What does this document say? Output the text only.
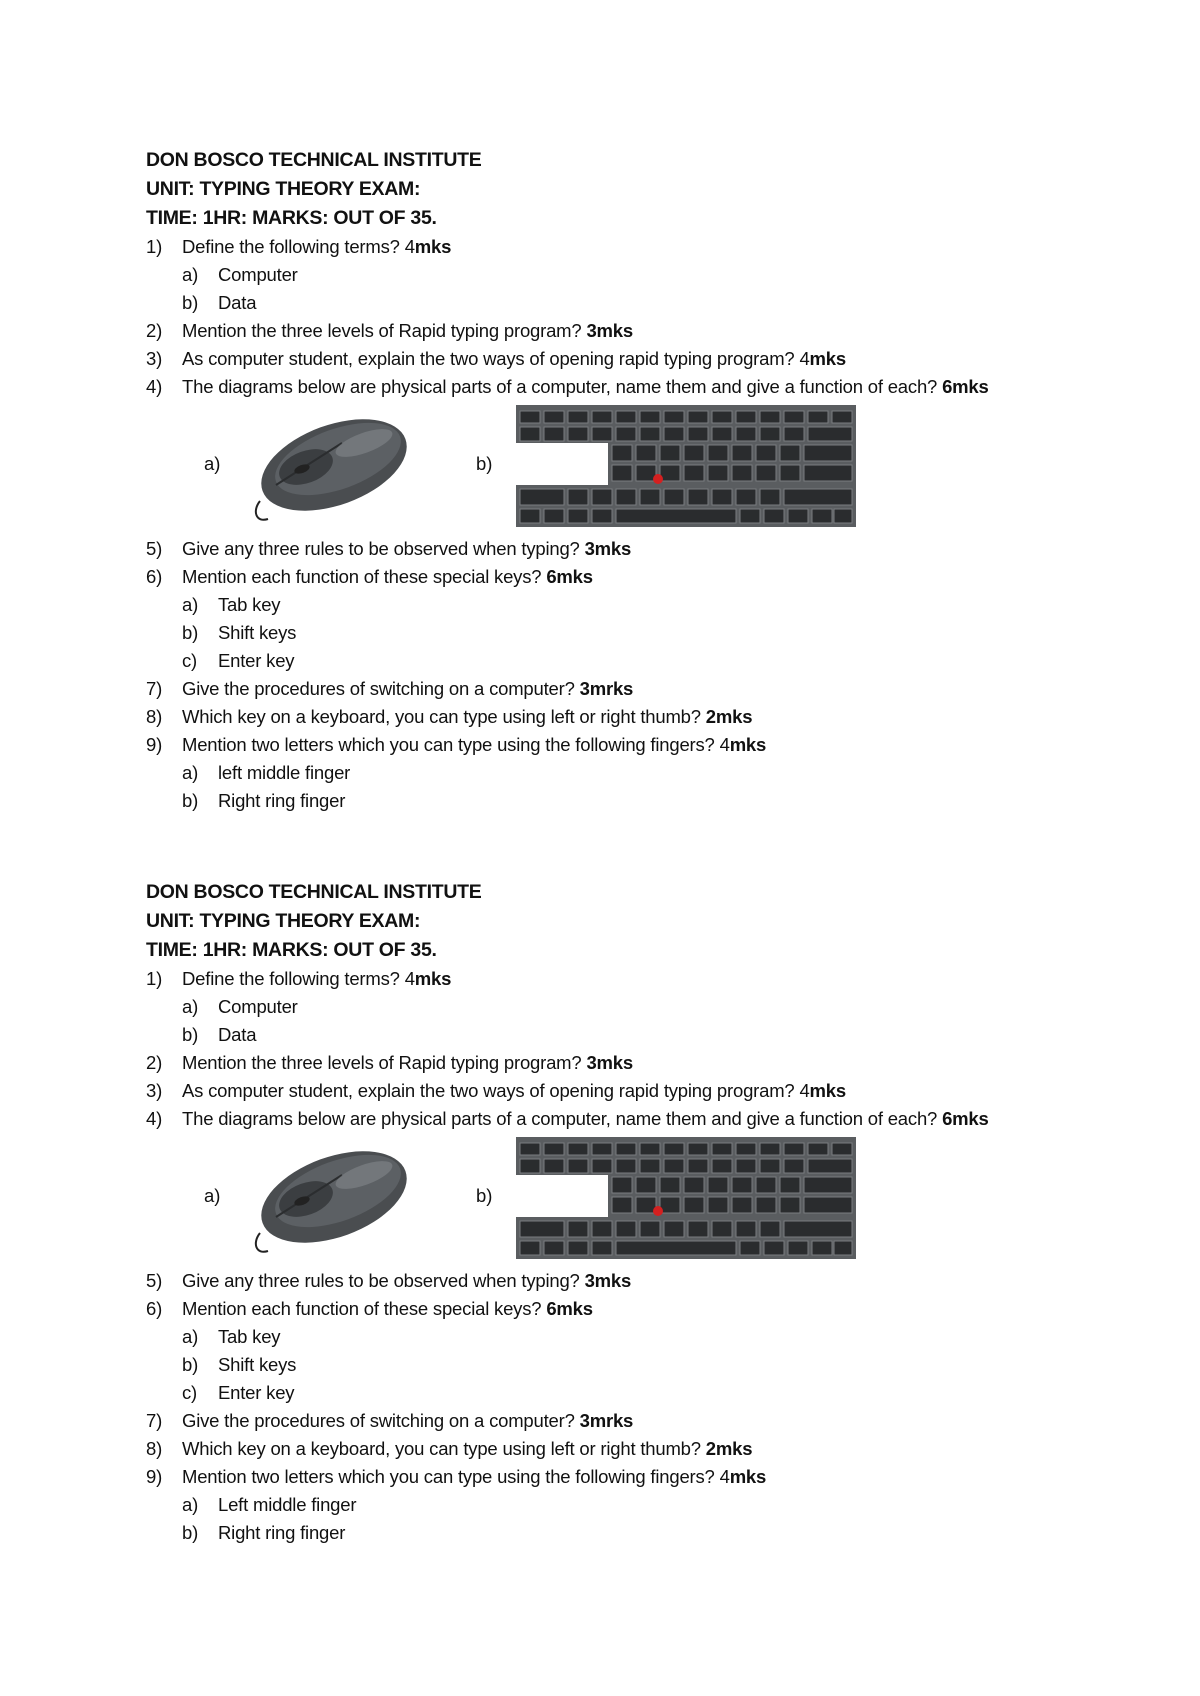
DON BOSCO TECHNICAL INSTITUTE
UNIT: TYPING THEORY EXAM:
TIME: 1HR: MARKS: OUT OF 35.
1)	Define the following terms? 4mks
a)	Computer
b)	Data
2)	Mention the three levels of Rapid typing program? 3mks
3)	As computer student, explain the two ways of opening rapid typing program? 4mks
4)	The diagrams below are physical parts of a computer, name them and give a function of each? 6mks
a)	b)
5)	Give any three rules to be observed when typing? 3mks
6)	Mention each function of these special keys? 6mks
a)	Tab key
b)	Shift keys
c)	Enter key
7)	Give the procedures of switching on a computer? 3mrks
8)	Which key on a keyboard, you can type using left or right thumb? 2mks
9)	Mention two letters which you can type using the following fingers? 4mks
a)	left middle finger
b)	Right ring finger
DON BOSCO TECHNICAL INSTITUTE
UNIT: TYPING THEORY EXAM:
TIME: 1HR: MARKS: OUT OF 35.
1)	Define the following terms? 4mks
a)	Computer
b)	Data
2)	Mention the three levels of Rapid typing program? 3mks
3)	As computer student, explain the two ways of opening rapid typing program? 4mks
4)	The diagrams below are physical parts of a computer, name them and give a function of each? 6mks
a)	b)
5)	Give any three rules to be observed when typing? 3mks
6)	Mention each function of these special keys? 6mks
a)	Tab key
b)	Shift keys
c)	Enter key
7)	Give the procedures of switching on a computer? 3mrks
8)	Which key on a keyboard, you can type using left or right thumb? 2mks
9)	Mention two letters which you can type using the following fingers? 4mks
a)	Left middle finger
b)	Right ring finger
